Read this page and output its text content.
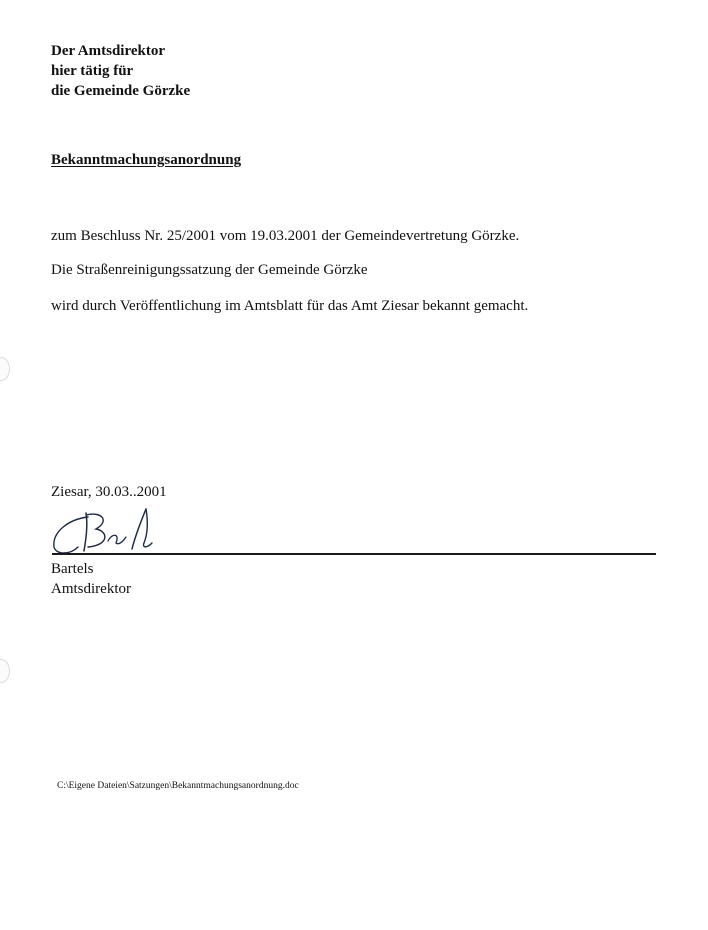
Der Amtsdirektor
hier tätig für
die Gemeinde Görzke
Bekanntmachungsanordnung
zum Beschluss Nr. 25/2001 vom 19.03.2001 der Gemeindevertretung Görzke.
Die Straßenreinigungssatzung der Gemeinde Görzke
wird durch Veröffentlichung im Amtsblatt für das Amt Ziesar bekannt gemacht.
Ziesar, 30.03..2001
Bartels
Amtsdirektor
C:\Eigene Dateien\Satzungen\Bekanntmachungsanordnung.doc
